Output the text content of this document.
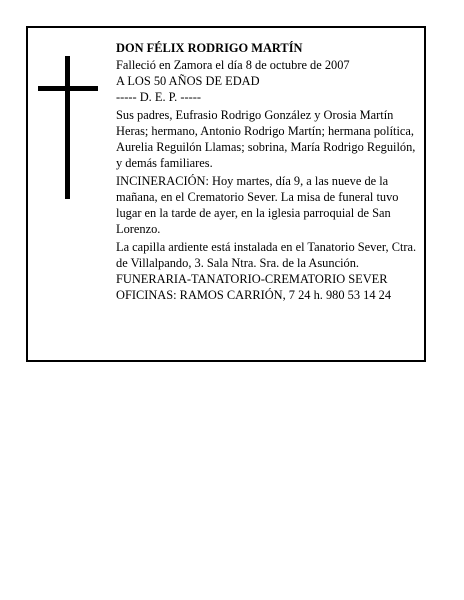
DON FÉLIX RODRIGO MARTÍN

Falleció en Zamora el día 8 de octubre de 2007

A LOS 50 AÑOS DE EDAD

----- D. E. P. -----

Sus padres, Eufrasio Rodrigo González y Orosia Martín Heras; hermano, Antonio Rodrigo Martín; hermana política, Aurelia Reguilón Llamas; sobrina, María Rodrigo Reguilón, y demás familiares.

INCINERACIÓN: Hoy martes, día 9, a las nueve de la mañana, en el Crematorio Sever. La misa de funeral tuvo lugar en la tarde de ayer, en la iglesia parroquial de San Lorenzo.

La capilla ardiente está instalada en el Tanatorio Sever, Ctra. de Villalpando, 3. Sala Ntra. Sra. de la Asunción.

FUNERARIA-TANATORIO-CREMATORIO SEVER

OFICINAS: RAMOS CARRIÓN, 7 24 h. 980 53 14 24
